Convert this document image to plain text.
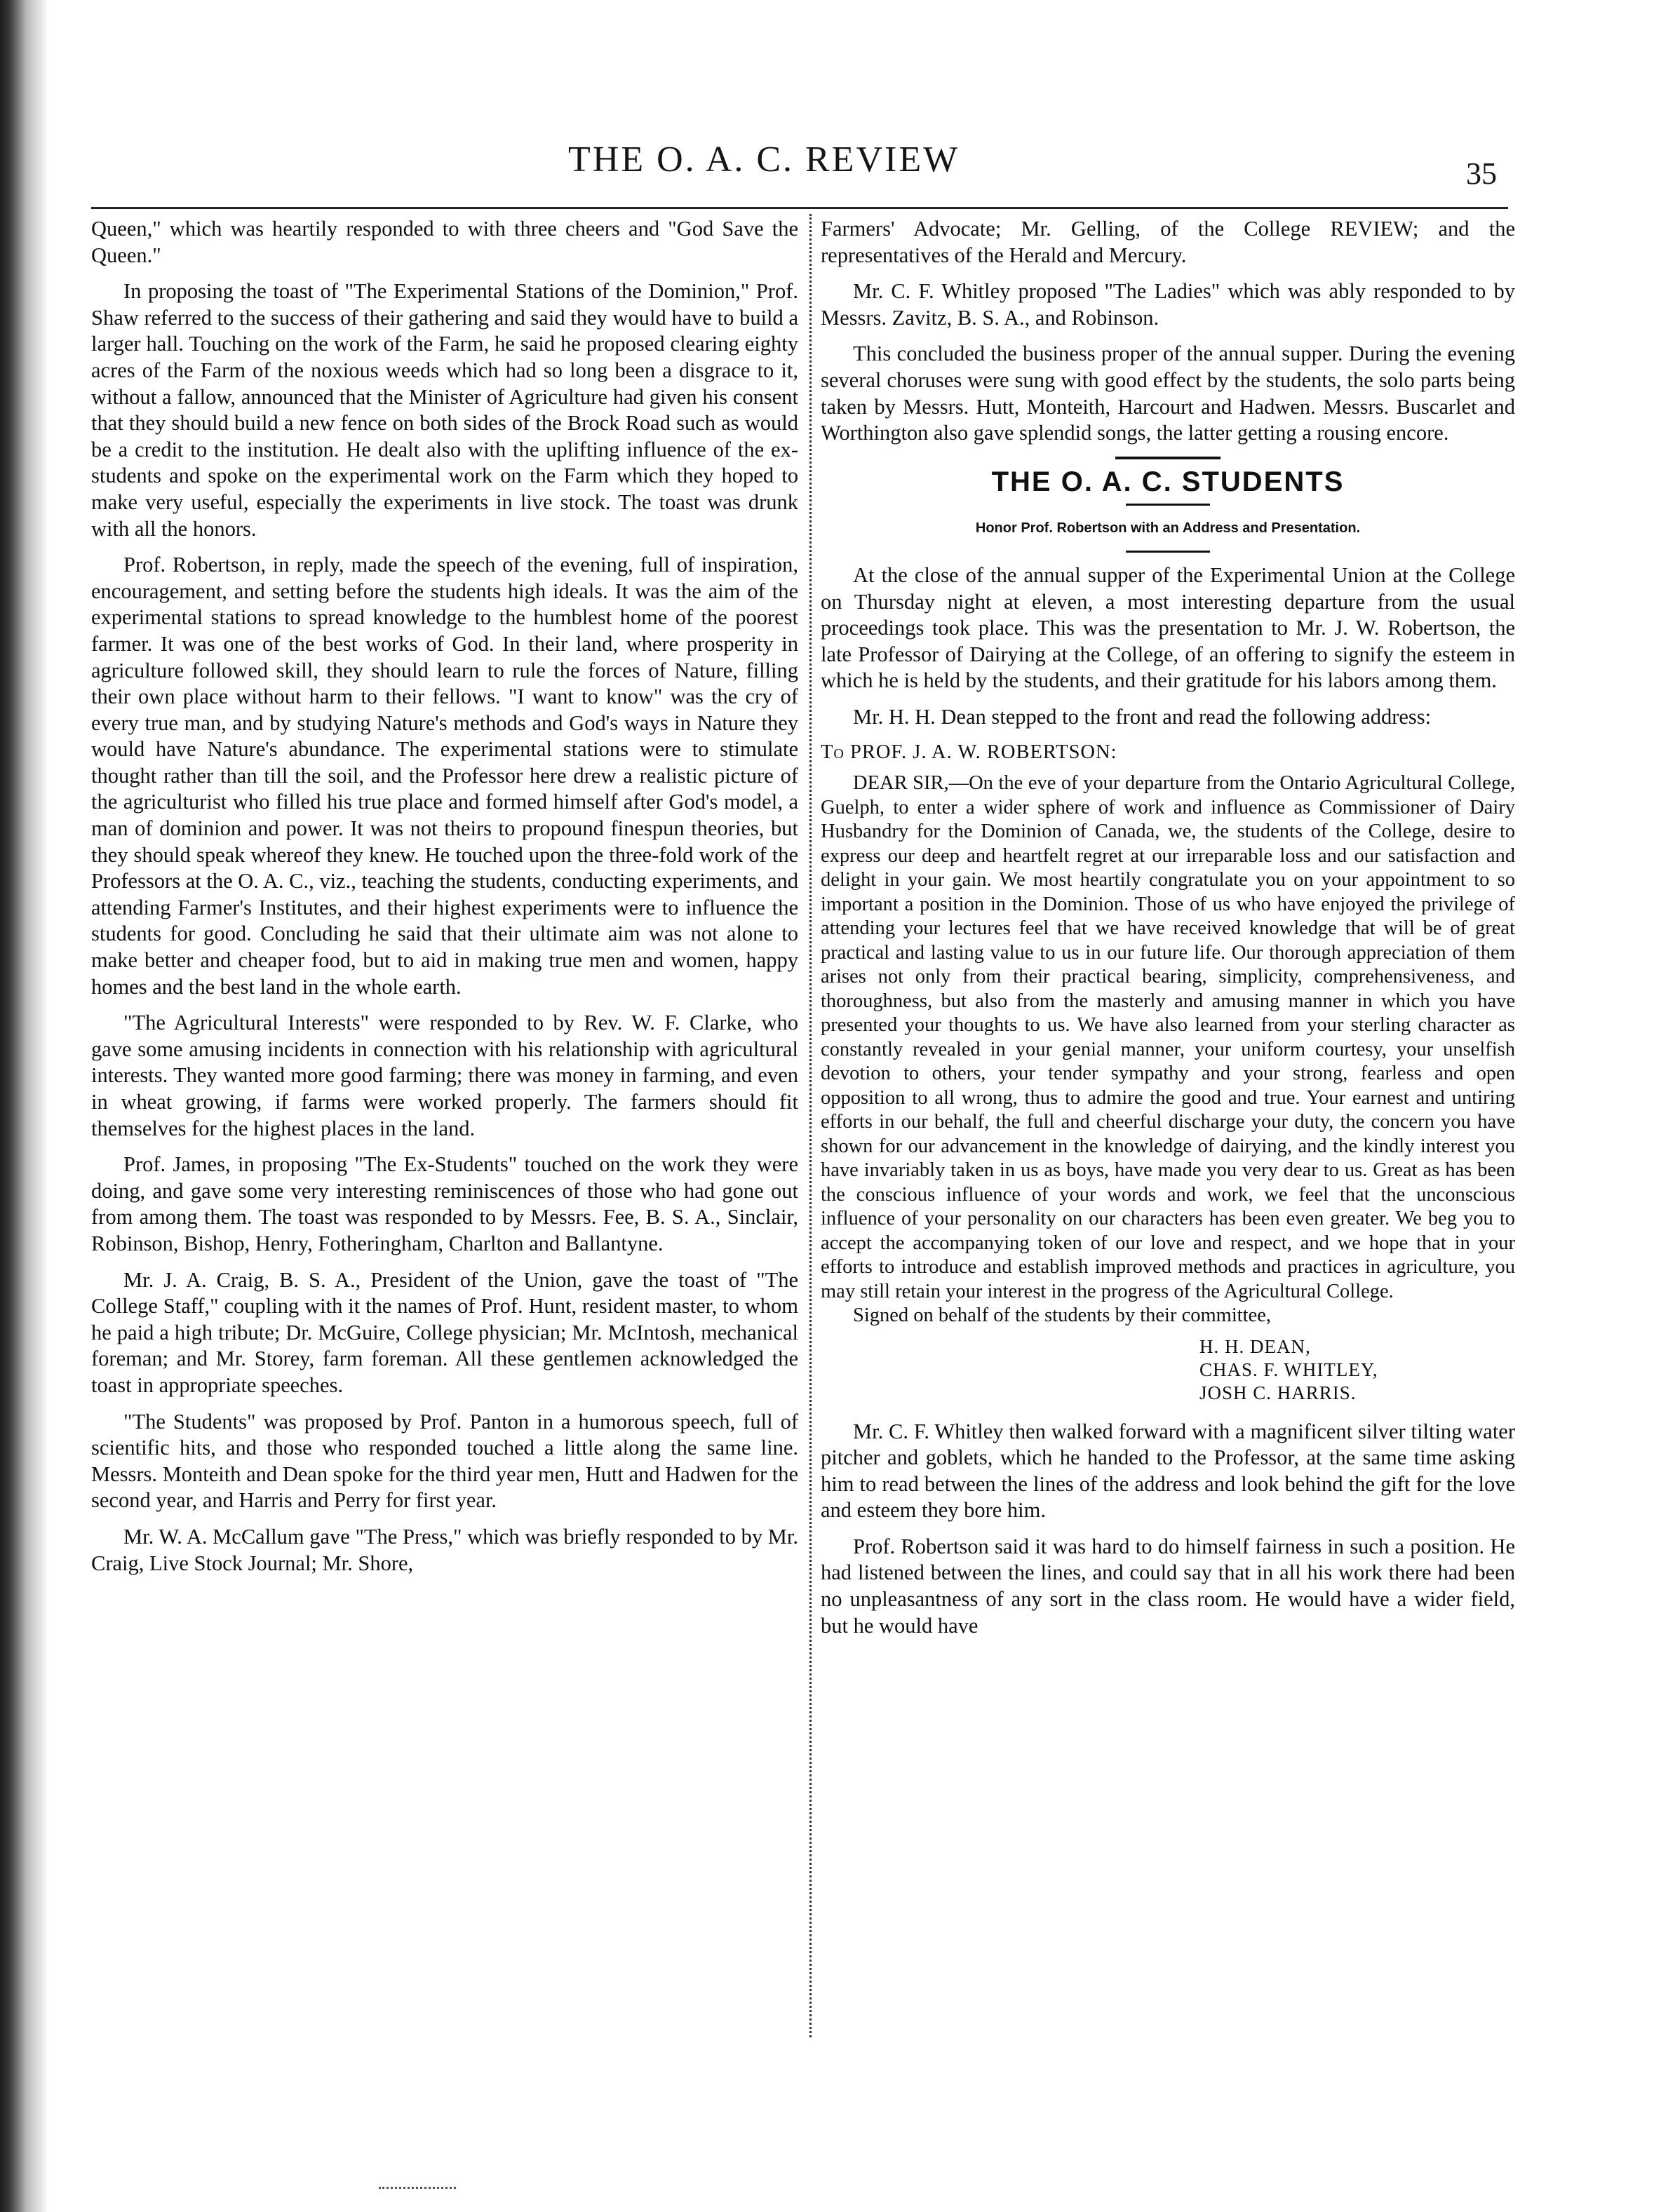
THE O. A. C. REVIEW	35

Queen," which was heartily responded to with three cheers and "God Save the Queen."

In proposing the toast of "The Experimental Stations of the Dominion," Prof. Shaw referred to the success of their gathering and said they would have to build a larger hall. Touching on the work of the Farm, he said he proposed clearing eighty acres of the Farm of the noxious weeds which had so long been a disgrace to it, without a fallow, announced that the Minister of Agriculture had given his consent that they should build a new fence on both sides of the Brock Road such as would be a credit to the institution. He dealt also with the uplifting influence of the ex-students and spoke on the experimental work on the Farm which they hoped to make very useful, especially the experiments in live stock. The toast was drunk with all the honors.

Prof. Robertson, in reply, made the speech of the evening, full of inspiration, encouragement, and setting before the students high ideals. It was the aim of the experimental stations to spread knowledge to the humblest home of the poorest farmer. It was one of the best works of God. In their land, where prosperity in agriculture followed skill, they should learn to rule the forces of Nature, filling their own place without harm to their fellows. "I want to know" was the cry of every true man, and by studying Nature's methods and God's ways in Nature they would have Nature's abundance. The experimental stations were to stimulate thought rather than till the soil, and the Professor here drew a realistic picture of the agriculturist who filled his true place and formed himself after God's model, a man of dominion and power. It was not theirs to propound finespun theories, but they should speak whereof they knew. He touched upon the three-fold work of the Professors at the O. A. C., viz., teaching the students, conducting experiments, and attending Farmer's Institutes, and their highest experiments were to influence the students for good. Concluding he said that their ultimate aim was not alone to make better and cheaper food, but to aid in making true men and women, happy homes and the best land in the whole earth.

"The Agricultural Interests" were responded to by Rev. W. F. Clarke, who gave some amusing incidents in connection with his relationship with agricultural interests. They wanted more good farming; there was money in farming, and even in wheat growing, if farms were worked properly. The farmers should fit themselves for the highest places in the land.

Prof. James, in proposing "The Ex-Students" touched on the work they were doing, and gave some very interesting reminiscences of those who had gone out from among them. The toast was responded to by Messrs. Fee, B. S. A., Sinclair, Robinson, Bishop, Henry, Fotheringham, Charlton and Ballantyne.

Mr. J. A. Craig, B. S. A., President of the Union, gave the toast of "The College Staff," coupling with it the names of Prof. Hunt, resident master, to whom he paid a high tribute; Dr. McGuire, College physician; Mr. McIntosh, mechanical foreman; and Mr. Storey, farm foreman. All these gentlemen acknowledged the toast in appropriate speeches.

"The Students" was proposed by Prof. Panton in a humorous speech, full of scientific hits, and those who responded touched a little along the same line. Messrs. Monteith and Dean spoke for the third year men, Hutt and Hadwen for the second year, and Harris and Perry for first year.

Mr. W. A. McCallum gave "The Press," which was briefly responded to by Mr. Craig, Live Stock Journal; Mr. Shore,

Farmers' Advocate; Mr. Gelling, of the College REVIEW; and the representatives of the Herald and Mercury.

Mr. C. F. Whitley proposed "The Ladies" which was ably responded to by Messrs. Zavitz, B. S. A., and Robinson.

This concluded the business proper of the annual supper. During the evening several choruses were sung with good effect by the students, the solo parts being taken by Messrs. Hutt, Monteith, Harcourt and Hadwen. Messrs. Buscarlet and Worthington also gave splendid songs, the latter getting a rousing encore.

THE O. A. C. STUDENTS
Honor Prof. Robertson with an Address and Presentation.

At the close of the annual supper of the Experimental Union at the College on Thursday night at eleven, a most interesting departure from the usual proceedings took place. This was the presentation to Mr. J. W. Robertson, the late Professor of Dairying at the College, of an offering to signify the esteem in which he is held by the students, and their gratitude for his labors among them.

Mr. H. H. Dean stepped to the front and read the following address:

To PROF. J. A. W. ROBERTSON:

DEAR SIR,—On the eve of your departure from the Ontario Agricultural College, Guelph, to enter a wider sphere of work and influence as Commissioner of Dairy Husbandry for the Dominion of Canada, we, the students of the College, desire to express our deep and heartfelt regret at our irreparable loss and our satisfaction and delight in your gain. We most heartily congratulate you on your appointment to so important a position in the Dominion. Those of us who have enjoyed the privilege of attending your lectures feel that we have received knowledge that will be of great practical and lasting value to us in our future life. Our thorough appreciation of them arises not only from their practical bearing, simplicity, comprehensiveness, and thoroughness, but also from the masterly and amusing manner in which you have presented your thoughts to us. We have also learned from your sterling character as constantly revealed in your genial manner, your uniform courtesy, your unselfish devotion to others, your tender sympathy and your strong, fearless and open opposition to all wrong, thus to admire the good and true. Your earnest and untiring efforts in our behalf, the full and cheerful discharge your duty, the concern you have shown for our advancement in the knowledge of dairying, and the kindly interest you have invariably taken in us as boys, have made you very dear to us. Great as has been the conscious influence of your words and work, we feel that the unconscious influence of your personality on our characters has been even greater. We beg you to accept the accompanying token of our love and respect, and we hope that in your efforts to introduce and establish improved methods and practices in agriculture, you may still retain your interest in the progress of the Agricultural College.

Signed on behalf of the students by their committee,

H. H. DEAN,
CHAS. F. WHITLEY,
JOSH C. HARRIS.

Mr. C. F. Whitley then walked forward with a magnificent silver tilting water pitcher and goblets, which he handed to the Professor, at the same time asking him to read between the lines of the address and look behind the gift for the love and esteem they bore him.

Prof. Robertson said it was hard to do himself fairness in such a position. He had listened between the lines, and could say that in all his work there had been no unpleasantness of any sort in the class room. He would have a wider field, but he would have
